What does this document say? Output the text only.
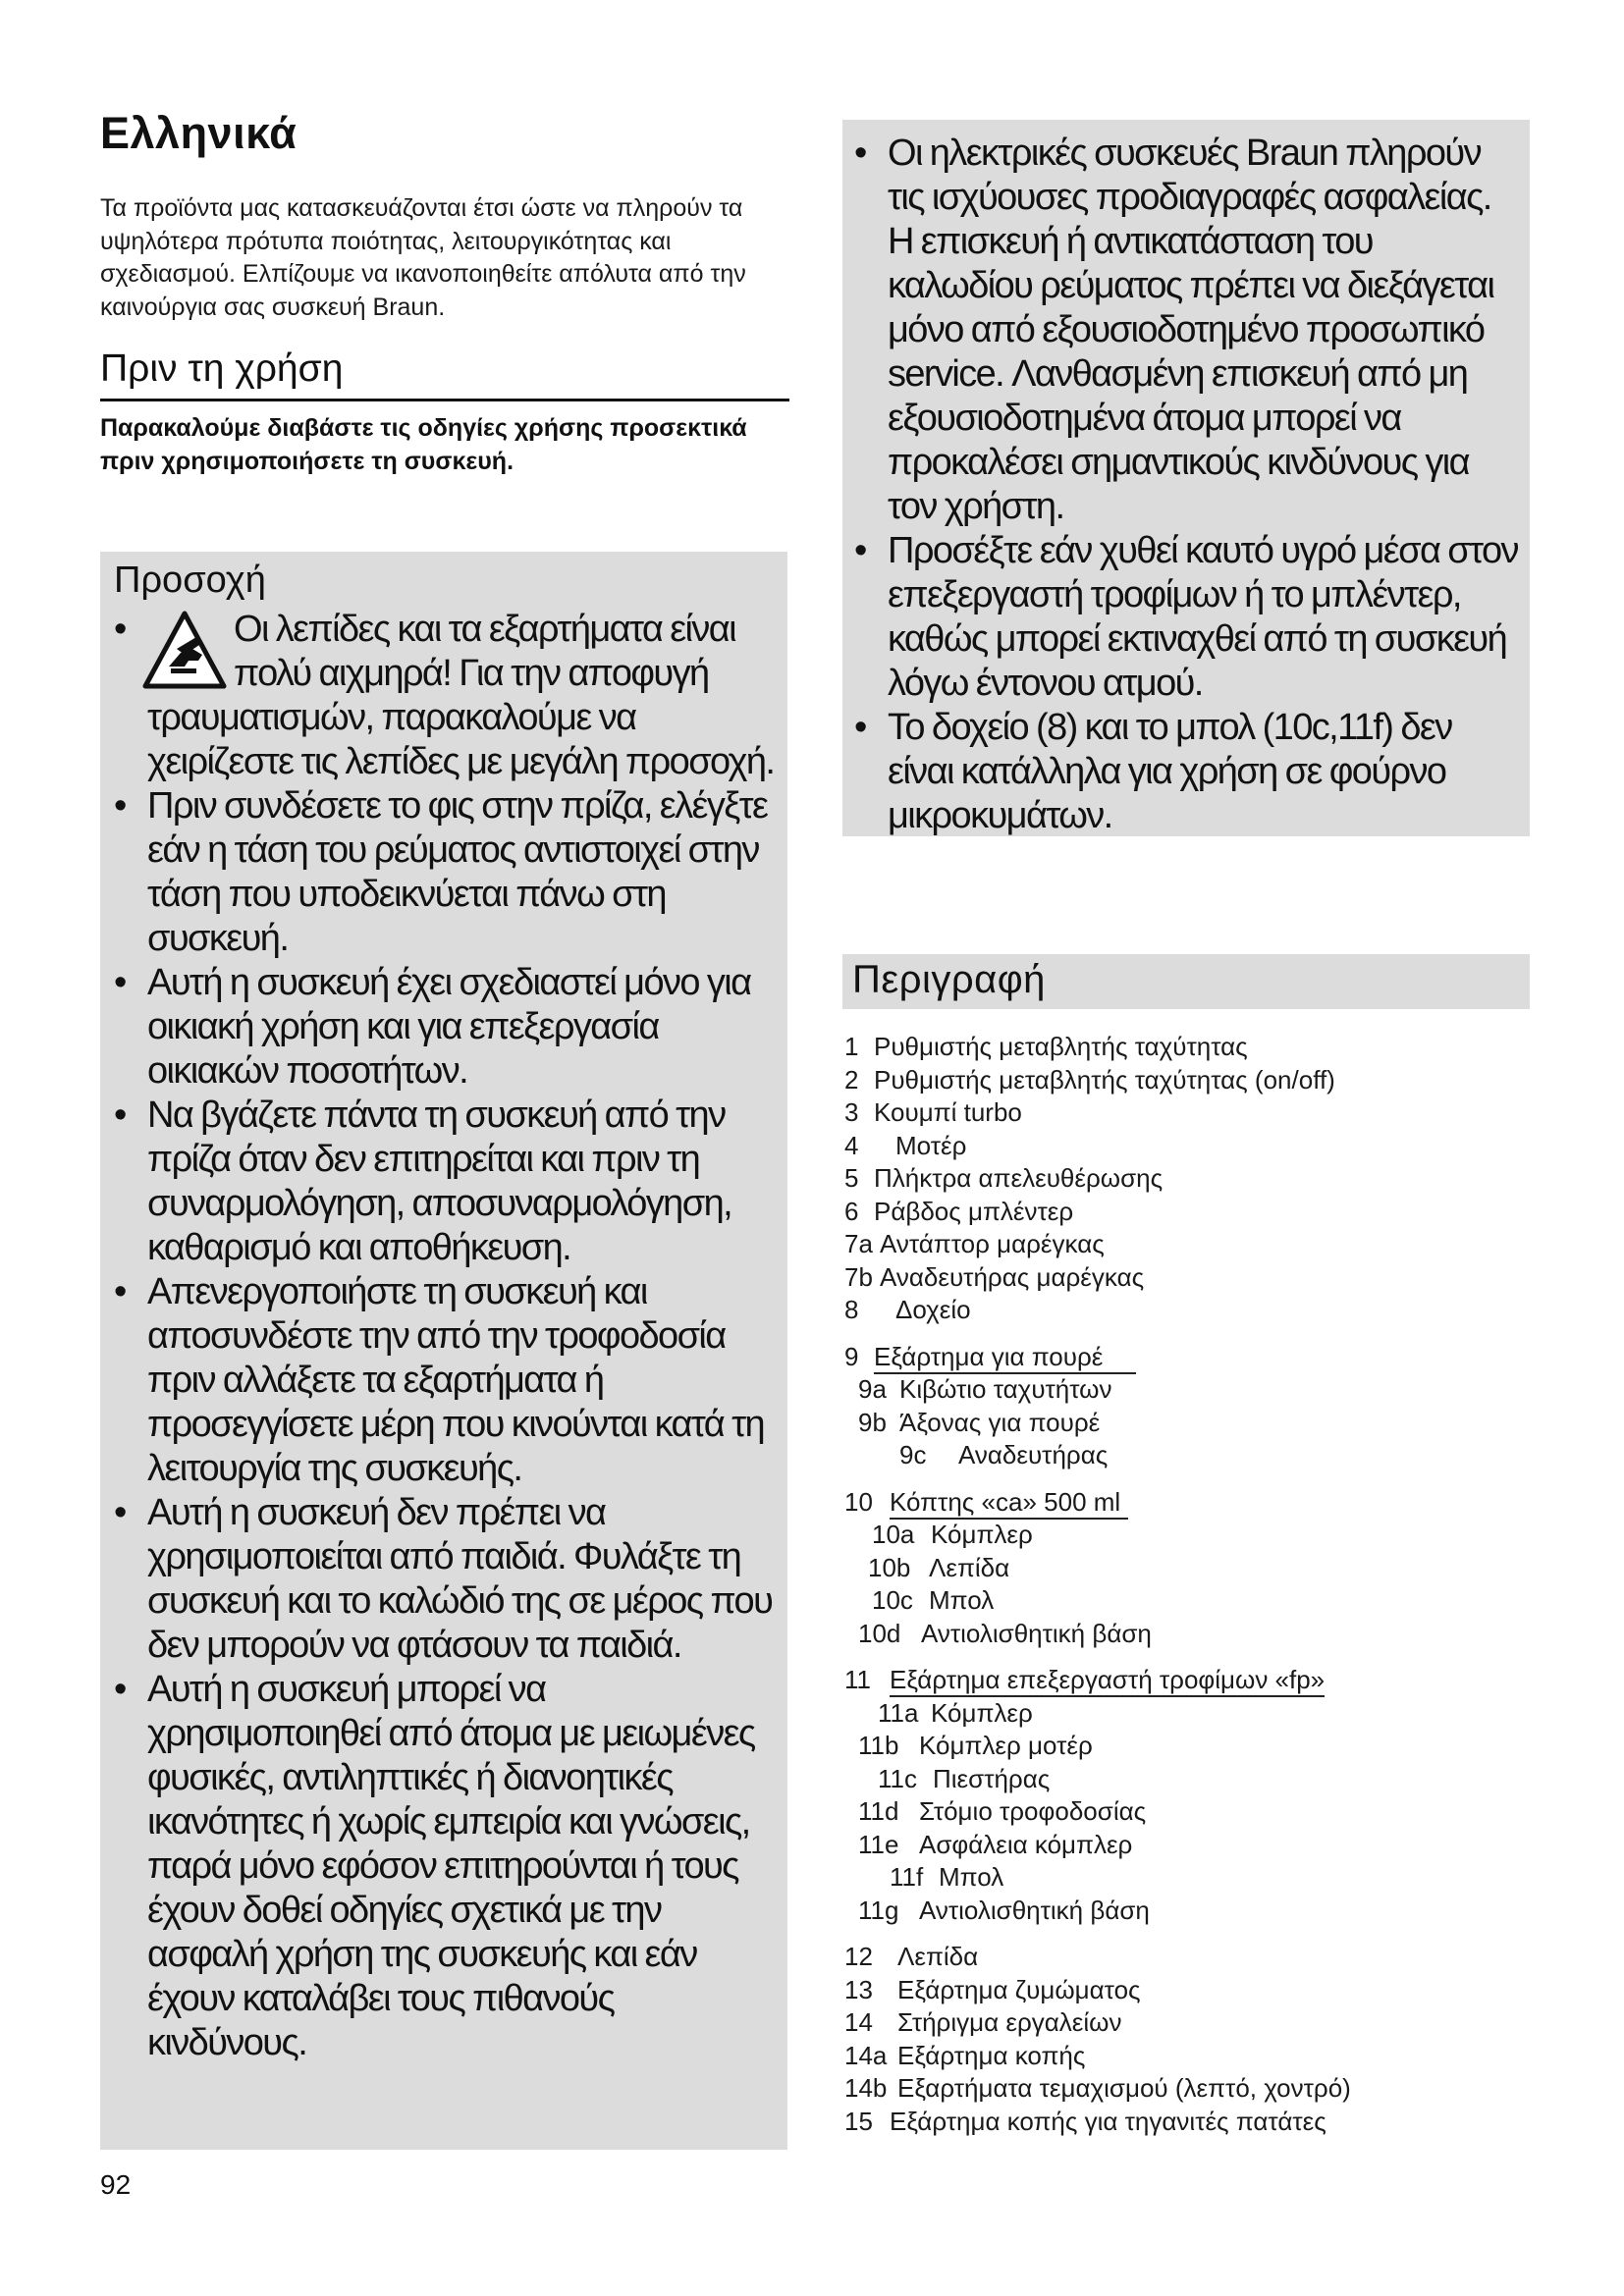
Ελληνικά

Τα προϊόντα μας κατασκευάζονται έτσι ώστε να πληρούν τα υψηλότερα πρότυπα ποιότητας, λειτουργικότητας και σχεδιασμού. Ελπίζουμε να ικανοποιηθείτε απόλυτα από την καινούργια σας συσκευή Braun.

Πριν τη χρήση

Παρακαλούμε διαβάστε τις οδηγίες χρήσης προσεκτικά πριν χρησιμοποιήσετε τη συσκευή.

Προσοχή
•	Οι λεπίδες και τα εξαρτήματα είναι πολύ αιχμηρά! Για την αποφυγή τραυματισμών, παρακαλούμε να χειρίζεστε τις λεπίδες με μεγάλη προσοχή.
• Πριν συνδέσετε το φις στην πρίζα, ελέγξτε εάν η τάση του ρεύματος αντιστοιχεί στην τάση που υποδεικνύεται πάνω στη συσκευή.
• Αυτή η συσκευή έχει σχεδιαστεί μόνο για οικιακή χρήση και για επεξεργασία οικιακών ποσοτήτων.
• Να βγάζετε πάντα τη συσκευή από την πρίζα όταν δεν επιτηρείται και πριν τη συναρμολόγηση, αποσυναρμολόγηση, καθαρισμό και αποθήκευση.
• Απενεργοποιήστε τη συσκευή και αποσυνδέστε την από την τροφοδοσία πριν αλλάξετε τα εξαρτήματα ή προσεγγίσετε μέρη που κινούνται κατά τη λειτουργία της συσκευής.
• Αυτή η συσκευή δεν πρέπει να χρησιμοποιείται από παιδιά. Φυλάξτε τη συσκευή και το καλώδιό της σε μέρος που δεν μπορούν να φτάσουν τα παιδιά.
• Αυτή η συσκευή μπορεί να χρησιμοποιηθεί από άτομα με μειωμένες φυσικές, αντιληπτικές ή διανοητικές ικανότητες ή χωρίς εμπειρία και γνώσεις, παρά μόνο εφόσον επιτηρούνται ή τους έχουν δοθεί οδηγίες σχετικά με την ασφαλή χρήση της συσκευής και εάν έχουν καταλάβει τους πιθανούς κινδύνους.
92
• Οι ηλεκτρικές συσκευές Braun πληρούν τις ισχύουσες προδιαγραφές ασφαλείας. Η επισκευή ή αντικατάσταση του καλωδίου ρεύματος πρέπει να διεξάγεται μόνο από εξουσιοδοτημένο προσωπικό service. Λανθασμένη επισκευή από μη εξουσιοδοτημένα άτομα μπορεί να προκαλέσει σημαντικούς κινδύνους για τον χρήστη.
• Προσέξτε εάν χυθεί καυτό υγρό μέσα στον επεξεργαστή τροφίμων ή το μπλέντερ, καθώς μπορεί εκτιναχθεί από τη συσκευή λόγω έντονου ατμού.
• Το δοχείο (8) και το μπολ (10c,11f) δεν είναι κατάλληλα για χρήση σε φούρνο μικροκυμάτων.
Περιγραφή
1 Ρυθμιστής μεταβλητής ταχύτητας
2 Ρυθμιστής μεταβλητής ταχύτητας (on/off)
3 Κουμπί turbo
4 Μοτέρ
5 Πλήκτρα απελευθέρωσης
6 Ράβδος μπλέντερ
7a Αντάπτορ μαρέγκας
7b Αναδευτήρας μαρέγκας
8 Δοχείο
9 Εξάρτημα για πουρέ
9a Κιβώτιο ταχυτήτων
9b Άξονας για πουρέ
9c Αναδευτήρας
10 Κόπτης «ca» 500 ml
10a Κόμπλερ
10b Λεπίδα
10c Μπολ
10d Αντιολισθητική βάση
11 Εξάρτημα επεξεργαστή τροφίμων «fp»
11a Κόμπλερ
11b Κόμπλερ μοτέρ
11c Πιεστήρας
11d Στόμιο τροφοδοσίας
11e Ασφάλεια κόμπλερ
11f Μπολ
11g Αντιολισθητική βάση
12 Λεπίδα
13 Εξάρτημα ζυμώματος
14 Στήριγμα εργαλείων
14a Εξάρτημα κοπής
14b Εξαρτήματα τεμαχισμού (λεπτό, χοντρό)
15 Εξάρτημα κοπής για τηγανιτές πατάτες
